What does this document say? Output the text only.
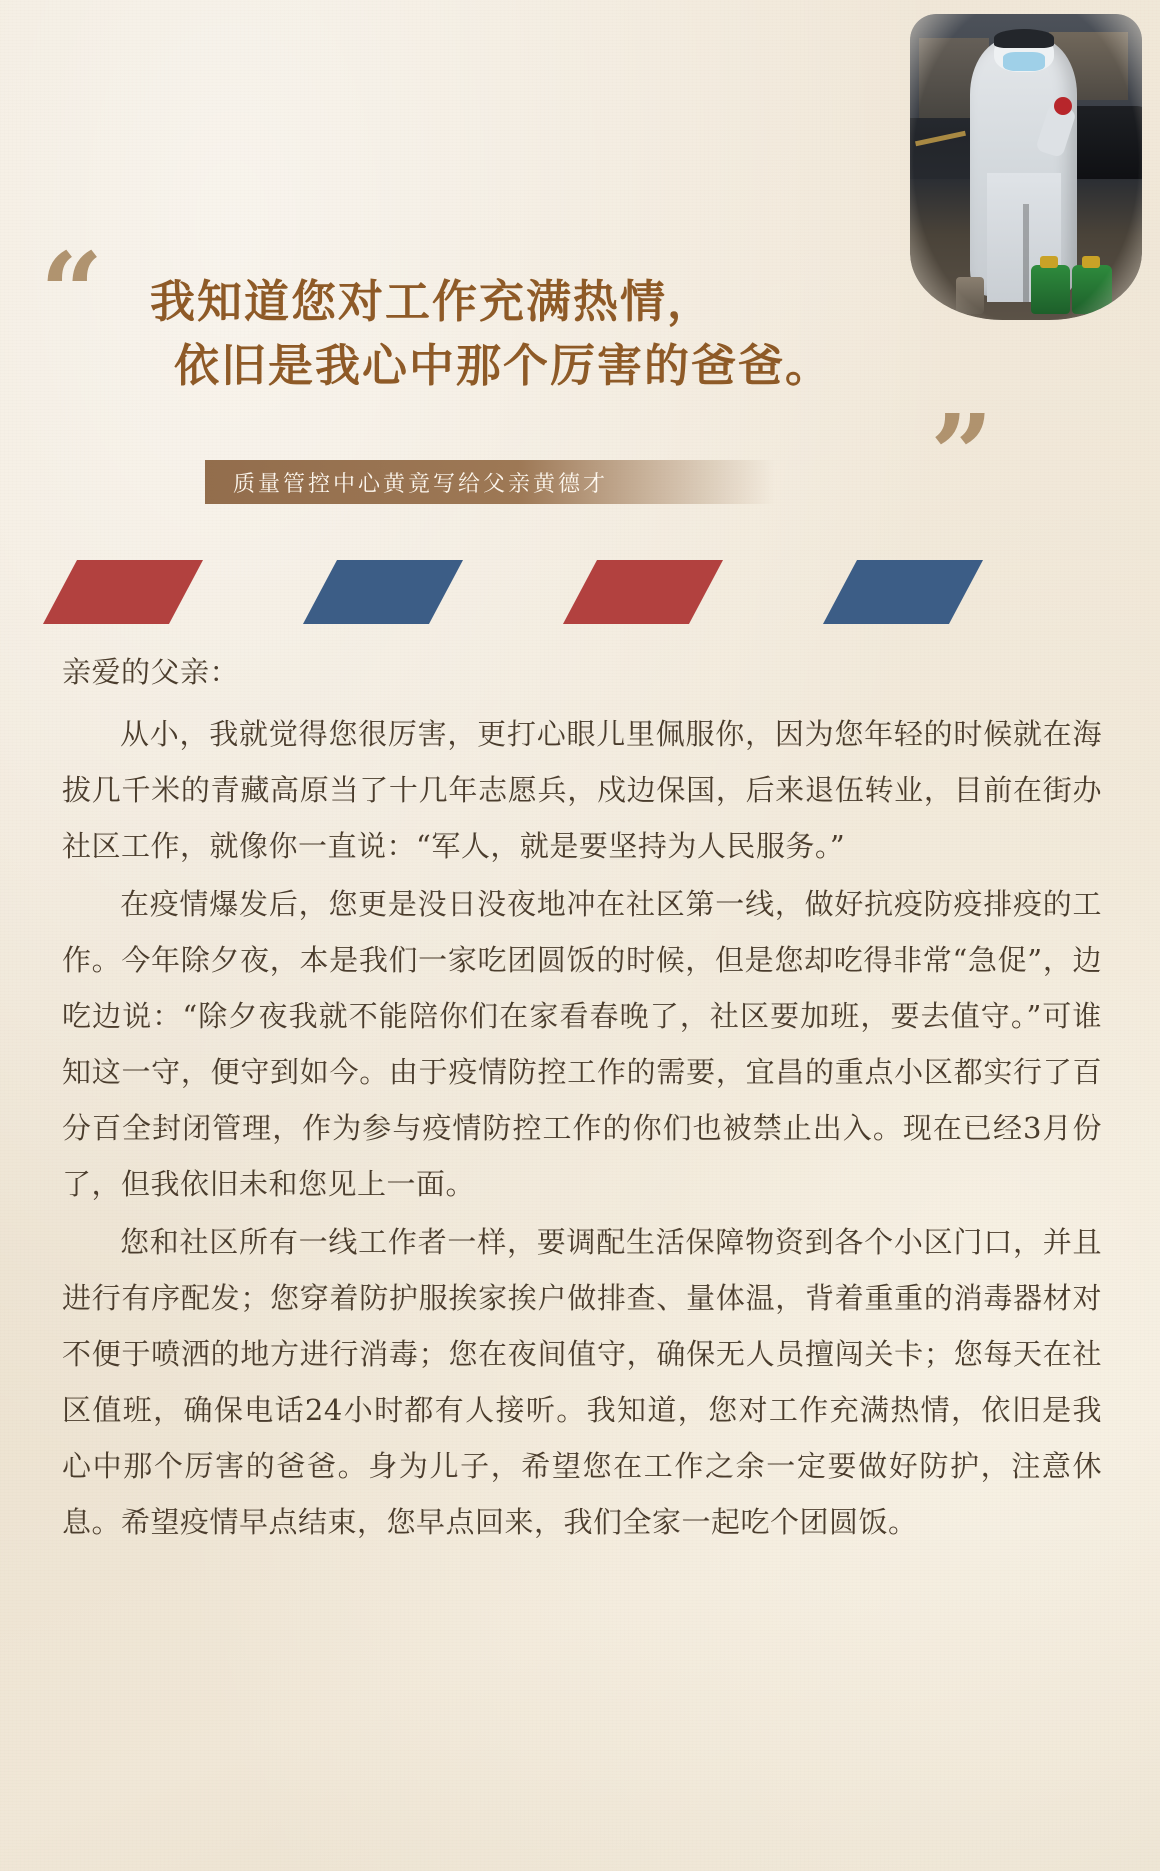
“
”
我知道您对工作充满热情，
依旧是我心中那个厉害的爸爸。
质量管控中心黄竟写给父亲黄德才

亲爱的父亲：

从小，我就觉得您很厉害，更打心眼儿里佩服你，因为您年轻的时候就在海拔几千米的青藏高原当了十几年志愿兵，戍边保国，后来退伍转业，目前在街办社区工作，就像你一直说：“军人，就是要坚持为人民服务。”

在疫情爆发后，您更是没日没夜地冲在社区第一线，做好抗疫防疫排疫的工作。今年除夕夜，本是我们一家吃团圆饭的时候，但是您却吃得非常“急促”，边吃边说：“除夕夜我就不能陪你们在家看春晚了，社区要加班，要去值守。”可谁知这一守，便守到如今。由于疫情防控工作的需要，宜昌的重点小区都实行了百分百全封闭管理，作为参与疫情防控工作的你们也被禁止出入。现在已经3月份了，但我依旧未和您见上一面。

您和社区所有一线工作者一样，要调配生活保障物资到各个小区门口，并且进行有序配发；您穿着防护服挨家挨户做排查、量体温，背着重重的消毒器材对不便于喷洒的地方进行消毒；您在夜间值守，确保无人员擅闯关卡；您每天在社区值班，确保电话24小时都有人接听。我知道，您对工作充满热情，依旧是我心中那个厉害的爸爸。身为儿子，希望您在工作之余一定要做好防护，注意休息。希望疫情早点结束，您早点回来，我们全家一起吃个团圆饭。
